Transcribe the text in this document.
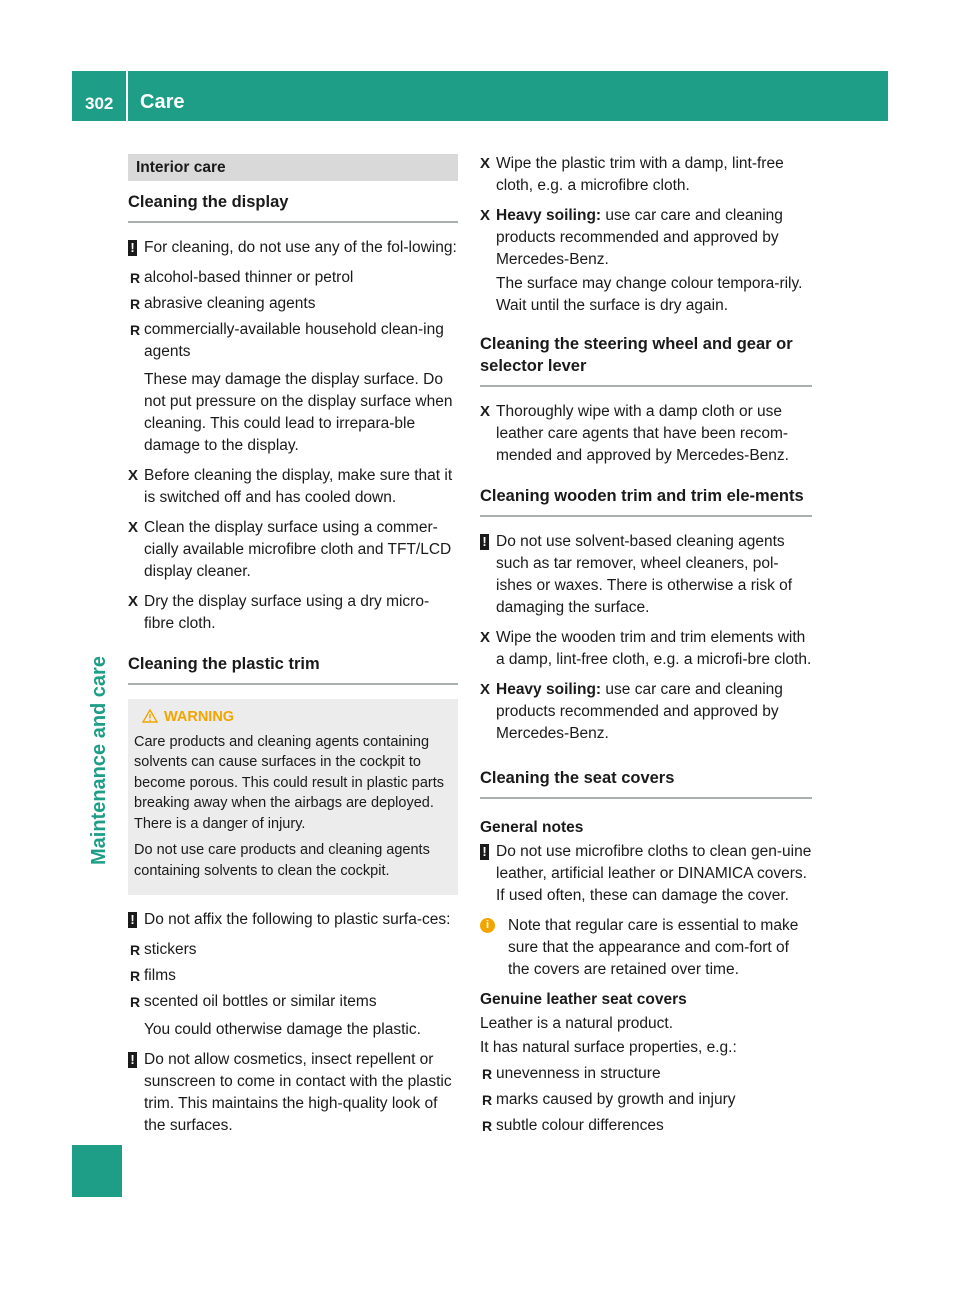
302 Care
Maintenance and care
Interior care
Cleaning the display
! For cleaning, do not use any of the fol-lowing:
R alcohol-based thinner or petrol
R abrasive cleaning agents
R commercially-available household clean-ing agents

These may damage the display surface. Do not put pressure on the display surface when cleaning. This could lead to irrepara-ble damage to the display.

X Before cleaning the display, make sure that it is switched off and has cooled down.
X Clean the display surface using a commer-cially available microfibre cloth and TFT/LCD display cleaner.
X Dry the display surface using a dry micro-fibre cloth.
Cleaning the plastic trim
WARNING

Care products and cleaning agents containing solvents can cause surfaces in the cockpit to become porous. This could result in plastic parts breaking away when the airbags are deployed. There is a danger of injury.

Do not use care products and cleaning agents containing solvents to clean the cockpit.

! Do not affix the following to plastic surfa-ces:
R stickers
R films
R scented oil bottles or similar items

You could otherwise damage the plastic.

! Do not allow cosmetics, insect repellent or sunscreen to come in contact with the plastic trim. This maintains the high-quality look of the surfaces.
X Wipe the plastic trim with a damp, lint-free cloth, e.g. a microfibre cloth.
X Heavy soiling: use car care and cleaning products recommended and approved by Mercedes-Benz.

The surface may change colour tempora-rily. Wait until the surface is dry again.

Cleaning the steering wheel and gear or selector lever
X Thoroughly wipe with a damp cloth or use leather care agents that have been recom-mended and approved by Mercedes-Benz.
Cleaning wooden trim and trim ele-ments
! Do not use solvent-based cleaning agents such as tar remover, wheel cleaners, pol-ishes or waxes. There is otherwise a risk of damaging the surface.
X Wipe the wooden trim and trim elements with a damp, lint-free cloth, e.g. a microfi-bre cloth.
X Heavy soiling: use car care and cleaning products recommended and approved by Mercedes-Benz.
Cleaning the seat covers
General notes
! Do not use microfibre cloths to clean gen-uine leather, artificial leather or DINAMICA covers. If used often, these can damage the cover.
i	Note that regular care is essential to make sure that the appearance and com-fort of the covers are retained over time.
Genuine leather seat covers

Leather is a natural product.

It has natural surface properties, e.g.:

R unevenness in structure
R marks caused by growth and injury
R subtle colour differences
